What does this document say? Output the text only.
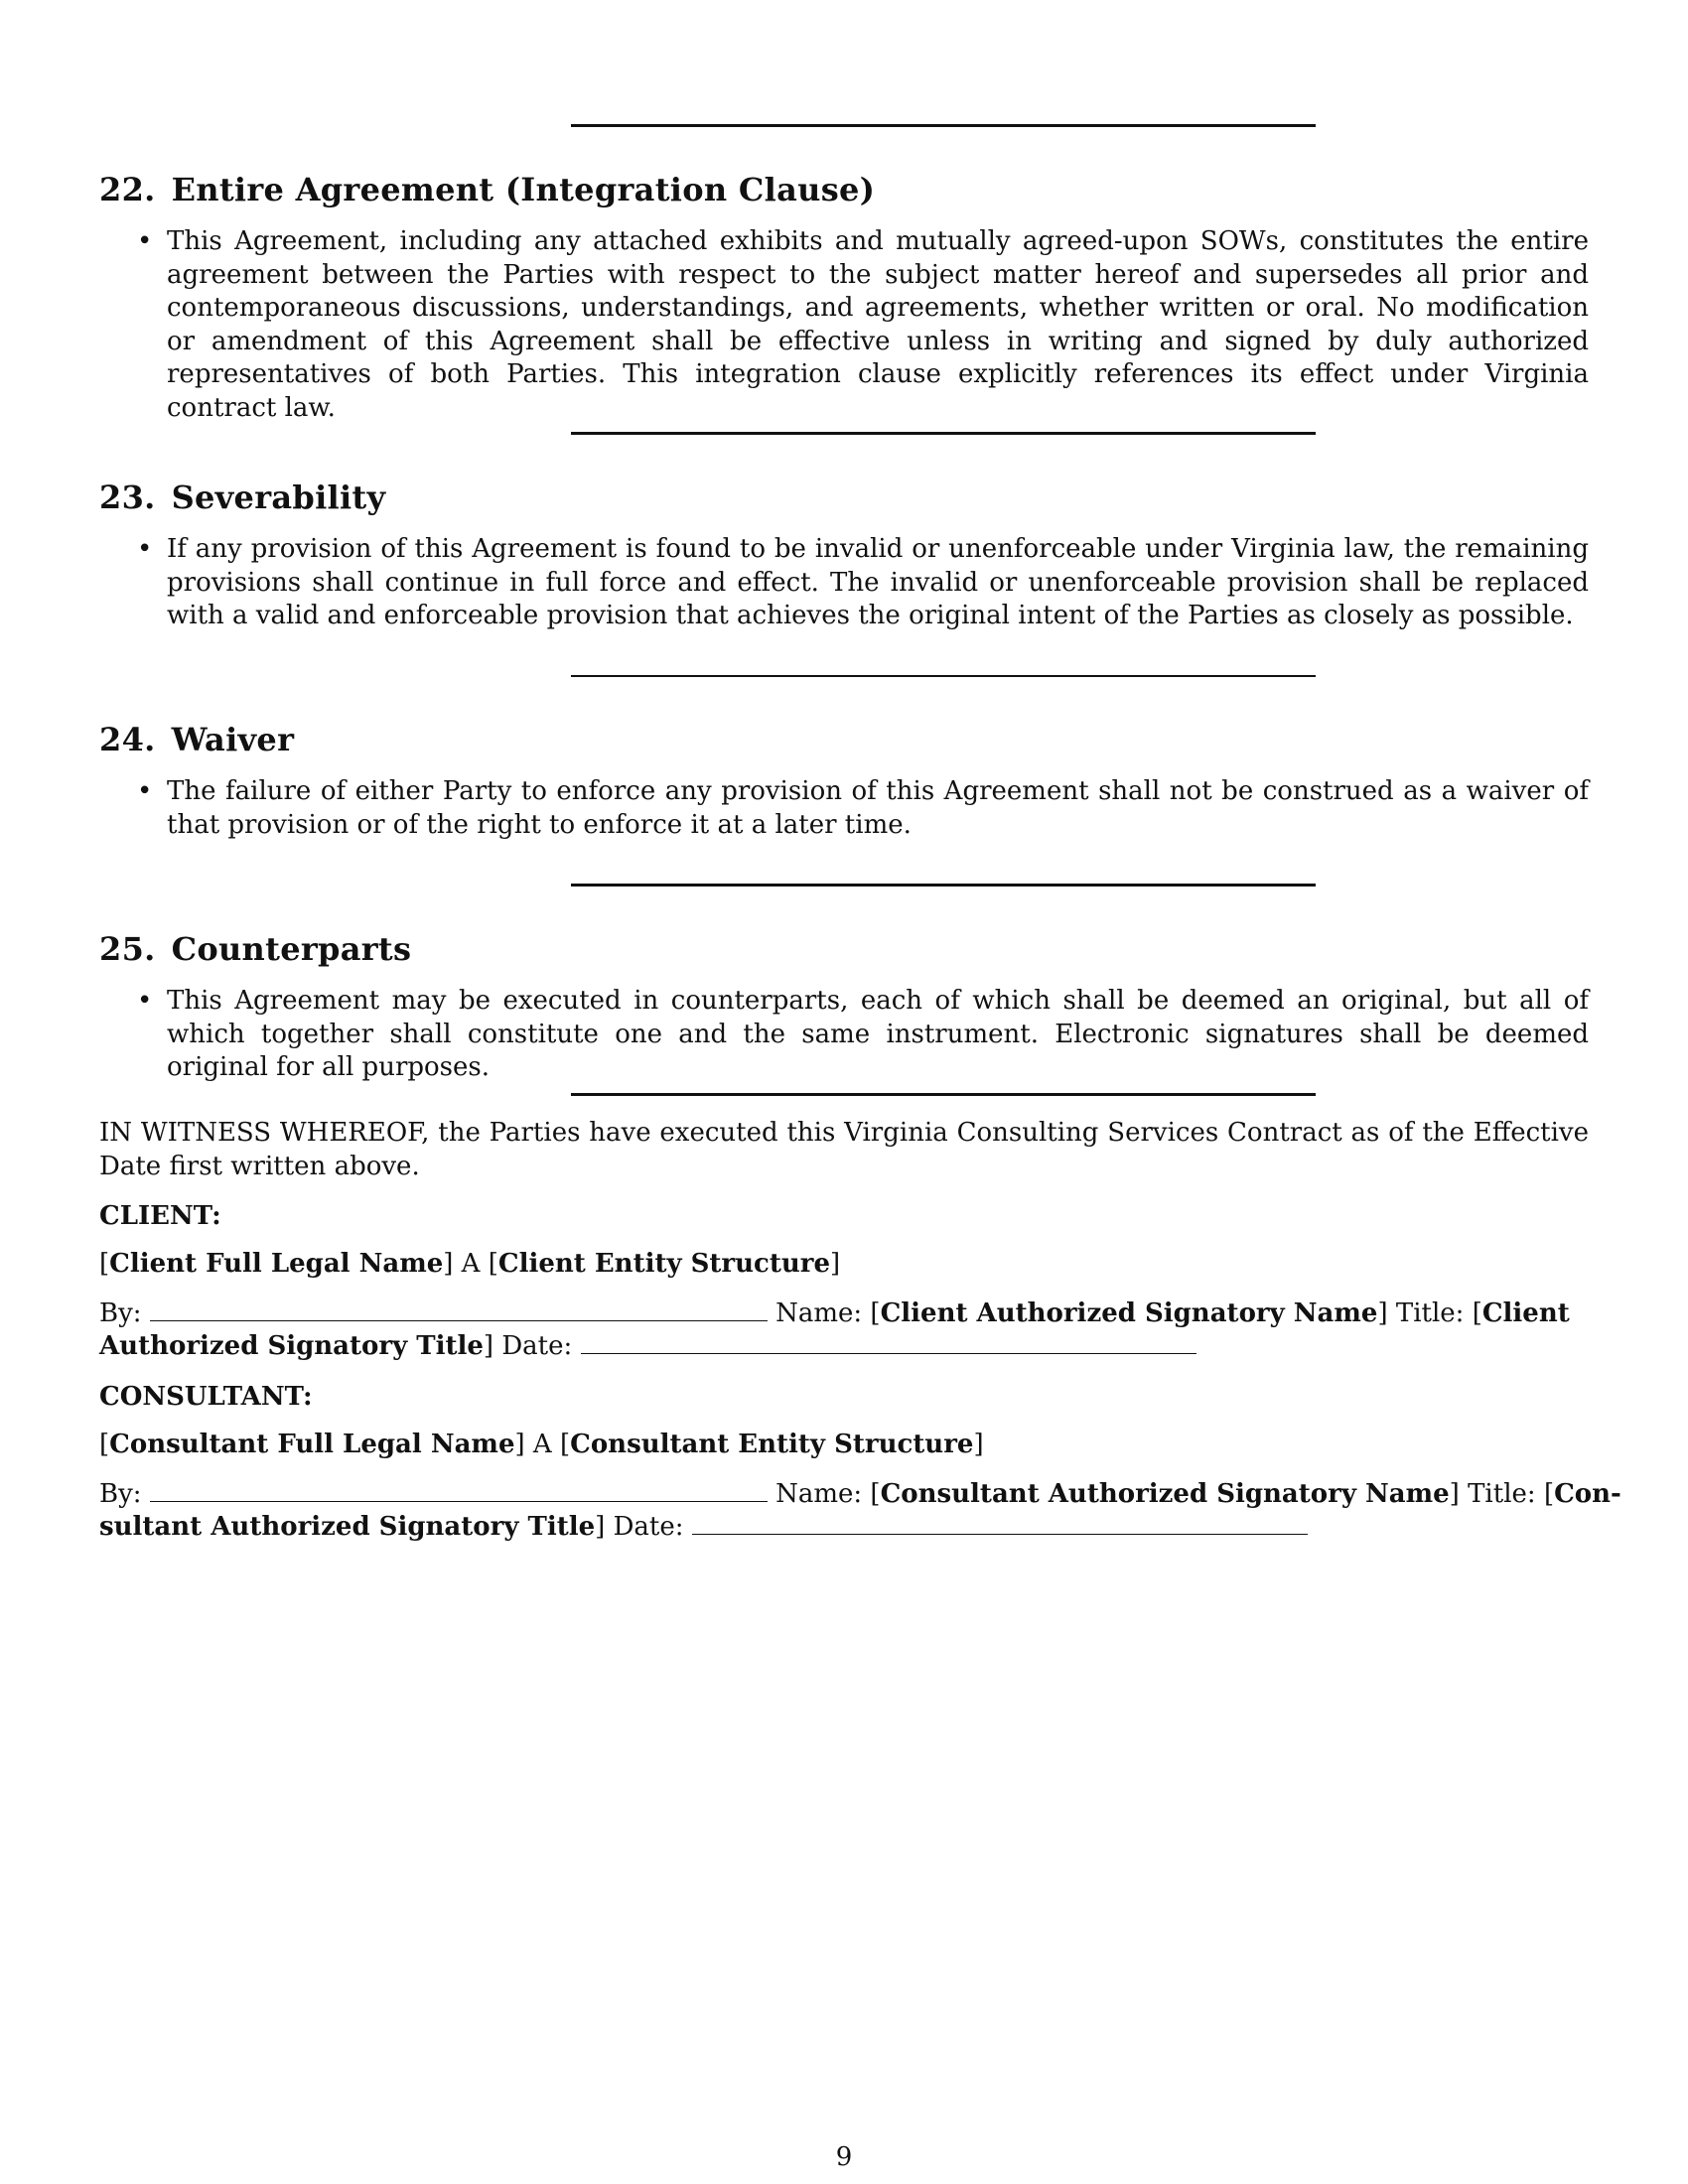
22. Entire Agreement (Integration Clause)
• This Agreement, including any attached exhibits and mutually agreed-upon SOWs, constitutes the entire agreement between the Parties with respect to the subject matter hereof and supersedes all prior and contemporaneous discussions, understandings, and agreements, whether written or oral. No modification or amendment of this Agreement shall be effective unless in writing and signed by duly authorized representatives of both Parties. This integration clause explicitly references its effect under Virginia contract law.
23. Severability
• If any provision of this Agreement is found to be invalid or unenforceable under Virginia law, the remaining provisions shall continue in full force and effect. The invalid or unenforceable provision shall be replaced with a valid and enforceable provision that achieves the original intent of the Parties as closely as possible.
24. Waiver
• The failure of either Party to enforce any provision of this Agreement shall not be construed as a waiver of that provision or of the right to enforce it at a later time.
25. Counterparts
• This Agreement may be executed in counterparts, each of which shall be deemed an original, but all of which together shall constitute one and the same instrument. Electronic signatures shall be deemed original for all purposes.
IN WITNESS WHEREOF, the Parties have executed this Virginia Consulting Services Contract as of the Effective Date first written above.
CLIENT:
[Client Full Legal Name] A [Client Entity Structure]
By:	Name: [Client Authorized Signatory Name] Title: [Client
Authorized Signatory Title] Date:
CONSULTANT:
[Consultant Full Legal Name] A [Consultant Entity Structure]
By:	Name: [Consultant Authorized Signatory Name] Title: [Con-
sultant Authorized Signatory Title] Date:
9
